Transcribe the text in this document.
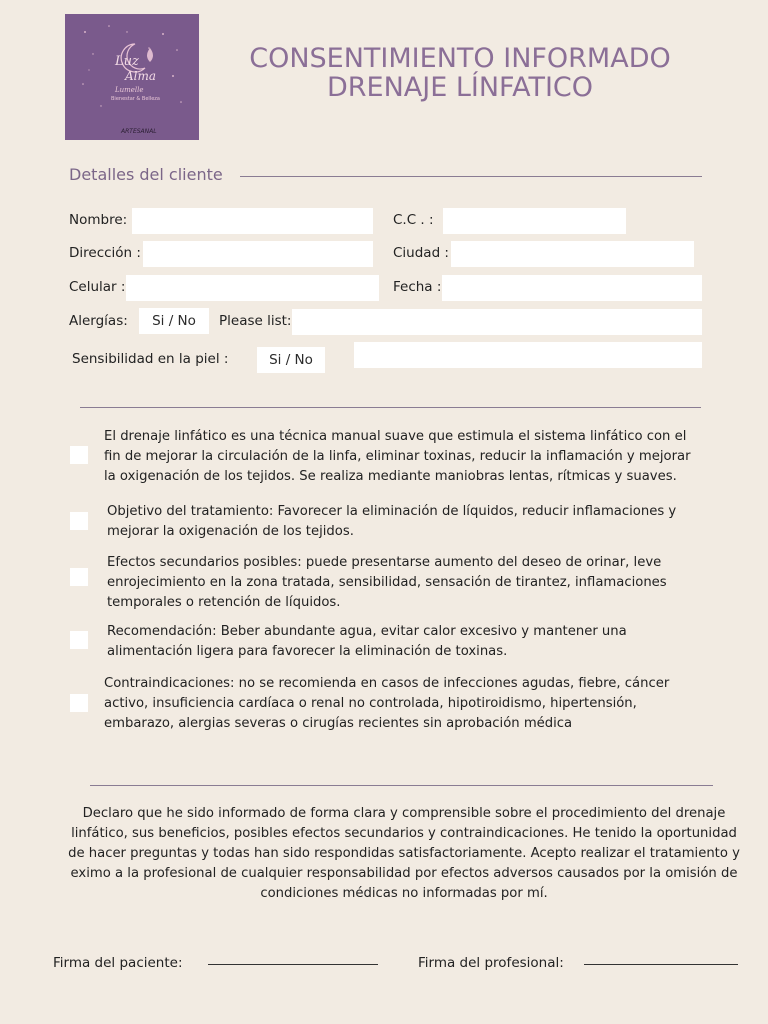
Luz
Alma
Lumelle
Bienestar & Belleza
ARTESANAL
CONSENTIMIENTO INFORMADO
DRENAJE LÍNFATICO
Detalles del cliente
Nombre:	C.C . :
Dirección :	Ciudad :
Celular :	Fecha :
Alergías:	Si / No	Please list:
Sensibilidad en la piel :	Si / No
El drenaje linfático es una técnica manual suave que estimula el sistema linfático con el fin de mejorar la circulación de la linfa, eliminar toxinas, reducir la inflamación y mejorar la oxigenación de los tejidos. Se realiza mediante maniobras lentas, rítmicas y suaves.
Objetivo del tratamiento: Favorecer la eliminación de líquidos, reducir inflamaciones y mejorar la oxigenación de los tejidos.
Efectos secundarios posibles: puede presentarse aumento del deseo de orinar, leve enrojecimiento en la zona tratada, sensibilidad, sensación de tirantez, inflamaciones temporales o retención de líquidos.
Recomendación: Beber abundante agua, evitar calor excesivo y mantener una alimentación ligera para favorecer la eliminación de toxinas.
Contraindicaciones: no se recomienda en casos de infecciones agudas, fiebre, cáncer activo, insuficiencia cardíaca o renal no controlada, hipotiroidismo, hipertensión, embarazo, alergias severas o cirugías recientes sin aprobación médica
Declaro que he sido informado de forma clara y comprensible sobre el procedimiento del drenaje linfático, sus beneficios, posibles efectos secundarios y contraindicaciones. He tenido la oportunidad de hacer preguntas y todas han sido respondidas satisfactoriamente. Acepto realizar el tratamiento y eximo a la profesional de cualquier responsabilidad por efectos adversos causados por la omisión de condiciones médicas no informadas por mí.
Firma del paciente:	Firma del profesional:
